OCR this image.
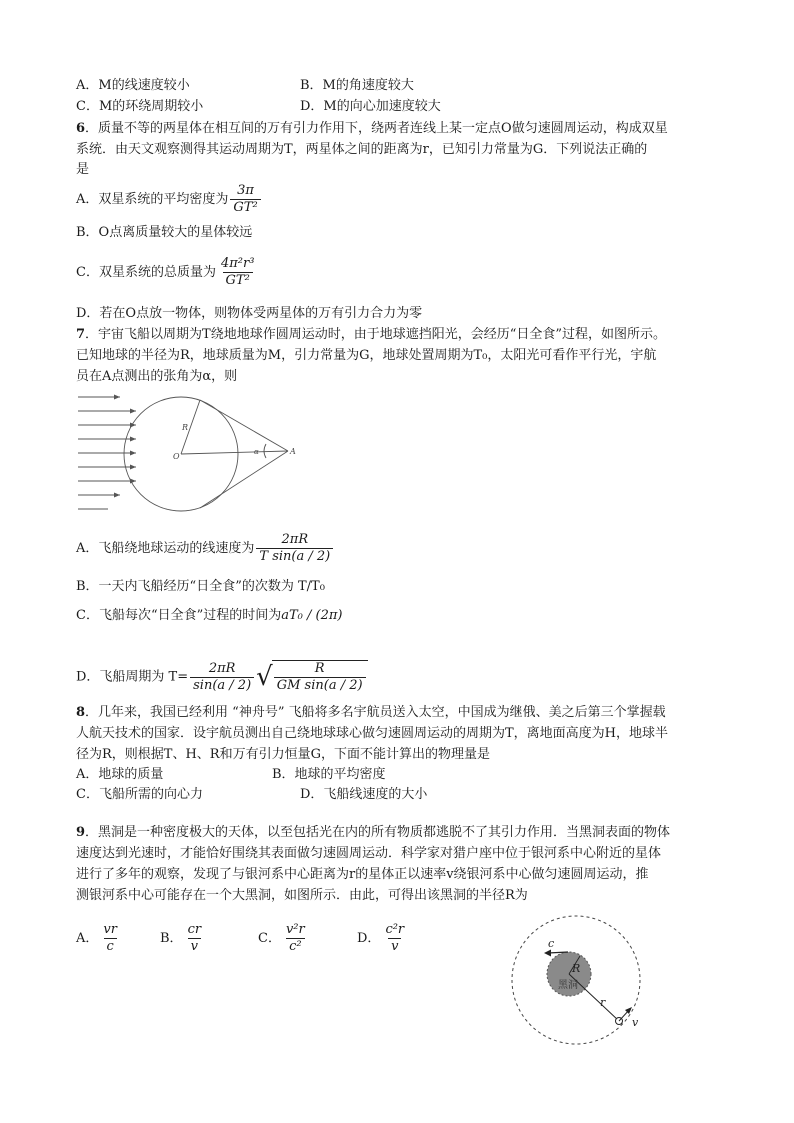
A．M的线速度较小	B．M的角速度较大
C．M的环绕周期较小	D．M的向心加速度较大
6．质量不等的两星体在相互间的万有引力作用下，绕两者连线上某一定点O做匀速圆周运动，构成双星
系统．由天文观察测得其运动周期为T，两星体之间的距离为r，已知引力常量为G．下列说法正确的
是
A．双星系统的平均密度为 $\frac{3\pi}{\text{GT²}}$
B．O点离质量较大的星体较远
C．双星系统的总质量为 $\frac{\text{4π²r³}}{\text{GT²}}$
D．若在O点放一物体，则物体受两星体的万有引力合力为零
7．宇宙飞船以周期为T绕地地球作圆周运动时，由于地球遮挡阳光，会经历“日全食”过程，如图所示。
已知地球的半径为R，地球质量为M，引力常量为G，地球处置周期为T₀，太阳光可看作平行光，宇航
员在A点测出的张角为α，则
R
O
A
α
A．飞船绕地球运动的线速度为 $\frac{2\pi R}{\text{T sin(a / 2)}}$
B．一天内飞船经历“日全食”的次数为 T/T₀
C．飞船每次“日全食”过程的时间为aT₀ / (2π)
D．飞船周期为 $T= \frac{2\pi R}{\sin(a / 2)}$ √ $\frac{R}{\text{GM sin(a / 2)}}$
8．几年来，我国已经利用 “神舟号” 飞船将多名宇航员送入太空，中国成为继俄、美之后第三个掌握载
人航天技术的国家．设宇航员测出自己绕地球球心做匀速圆周运动的周期为T，离地面高度为H，地球半
径为R，则根据T、H、R和万有引力恒量G，下面不能计算出的物理量是
A．地球的质量	B．地球的平均密度
C．飞船所需的向心力	D．飞船线速度的大小
9．黑洞是一种密度极大的天体，以至包括光在内的所有物质都逃脱不了其引力作用．当黑洞表面的物体
速度达到光速时，才能恰好围绕其表面做匀速圆周运动．科学家对猎户座中位于银河系中心附近的星体
进行了多年的观察，发现了与银河系中心距离为r的星体正以速率v绕银河系中心做匀速圆周运动，推
测银河系中心可能存在一个大黑洞，如图所示．由此，可得出该黑洞的半径R为
A． $\frac{vr}{c}$	B． $\frac{cr}{v}$	C． $\frac{\text{v²r}}{\text{c²}}$	D． $\frac{\text{c²r}}{v}$	c
R
黑洞
r
v
